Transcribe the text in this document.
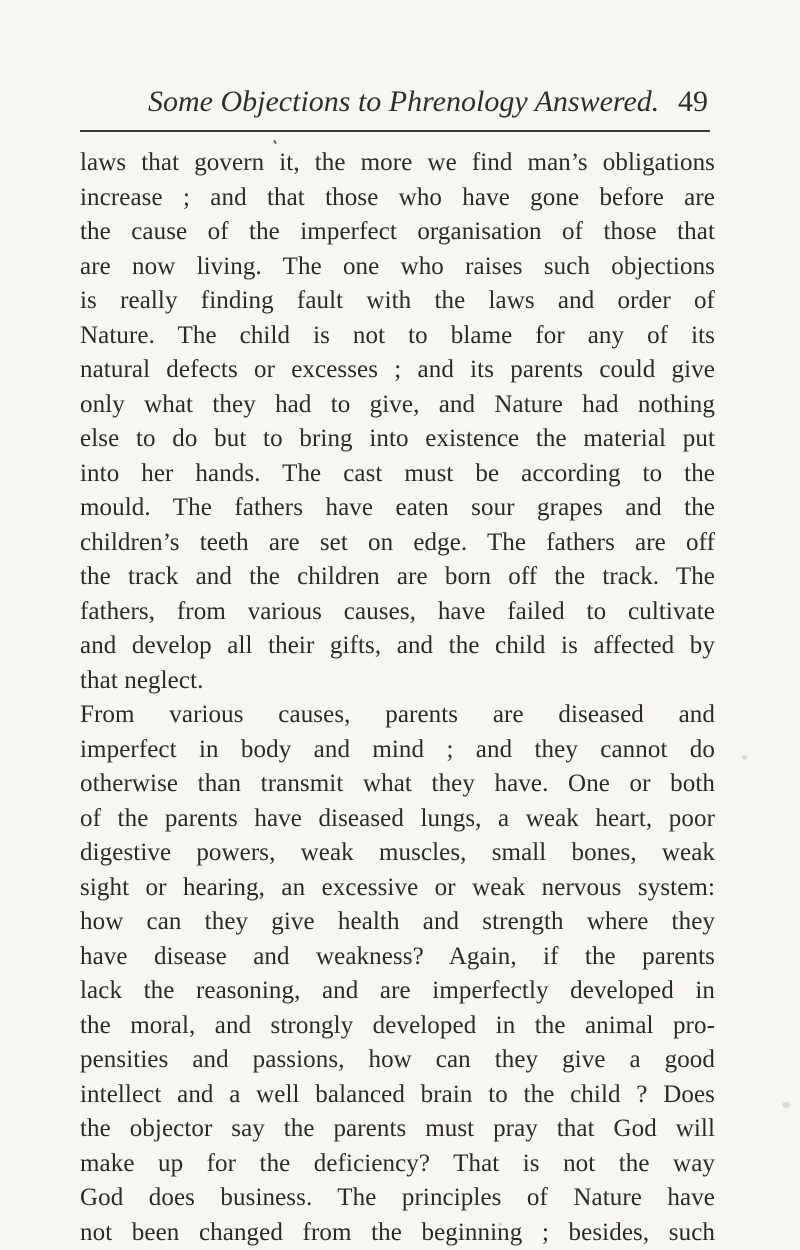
Some Objections to Phrenology Answered. 49
laws that govern it, the more we find man’s obligations
increase ; and that those who have gone before are
the cause of the imperfect organisation of those that
are now living. The one who raises such objections
is really finding fault with the laws and order of
Nature. The child is not to blame for any of its
natural defects or excesses ; and its parents could give
only what they had to give, and Nature had nothing
else to do but to bring into existence the material put
into her hands. The cast must be according to the
mould. The fathers have eaten sour grapes and the
children’s teeth are set on edge. The fathers are off
the track and the children are born off the track. The
fathers, from various causes, have failed to cultivate
and develop all their gifts, and the child is affected by
that neglect.
From various causes, parents are diseased and
imperfect in body and mind ; and they cannot do
otherwise than transmit what they have. One or both
of the parents have diseased lungs, a weak heart, poor
digestive powers, weak muscles, small bones, weak
sight or hearing, an excessive or weak nervous system:
how can they give health and strength where they
have disease and weakness? Again, if the parents
lack the reasoning, and are imperfectly developed in
the moral, and strongly developed in the animal pro-
pensities and passions, how can they give a good
intellect and a well balanced brain to the child ? Does
the objector say the parents must pray that God will
make up for the deficiency? That is not the way
God does business. The principles of Nature have
not been changed from the beginning ; besides, such
